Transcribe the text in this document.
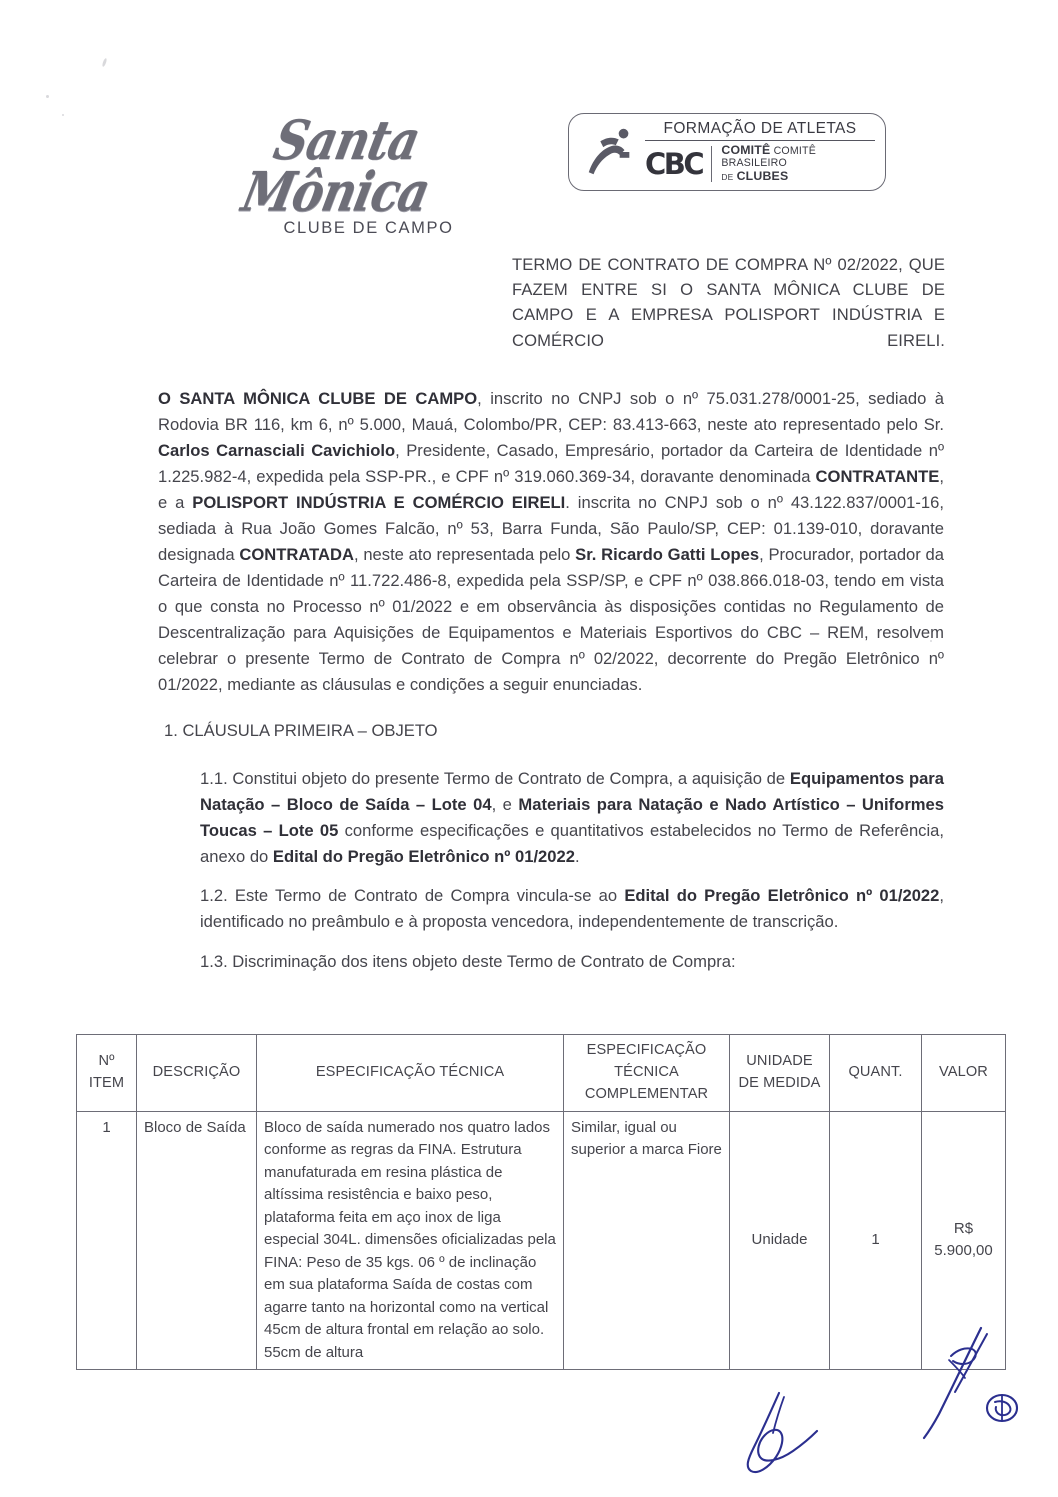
Santa Mônica
CLUBE DE CAMPO
FORMAÇÃO DE ATLETAS
CBC	COMITÊ COMITÊ BRASILEIRO
DE CLUBES
TERMO DE CONTRATO DE COMPRA Nº 02/2022, QUE FAZEM ENTRE SI O SANTA MÔNICA CLUBE DE CAMPO E A EMPRESA POLISPORT INDÚSTRIA E COMÉRCIO EIRELI.

O SANTA MÔNICA CLUBE DE CAMPO, inscrito no CNPJ sob o nº 75.031.278/0001-25, sediado à Rodovia BR 116, km 6, nº 5.000, Mauá, Colombo/PR, CEP: 83.413-663, neste ato representado pelo Sr. Carlos Carnasciali Cavichiolo, Presidente, Casado, Empresário, portador da Carteira de Identidade nº 1.225.982-4, expedida pela SSP-PR., e CPF nº 319.060.369-34, doravante denominada CONTRATANTE, e a POLISPORT INDÚSTRIA E COMÉRCIO EIRELI. inscrita no CNPJ sob o nº 43.122.837/0001-16, sediada à Rua João Gomes Falcão, nº 53, Barra Funda, São Paulo/SP, CEP: 01.139-010, doravante designada CONTRATADA, neste ato representada pelo Sr. Ricardo Gatti Lopes, Procurador, portador da Carteira de Identidade nº 11.722.486-8, expedida pela SSP/SP, e CPF nº 038.866.018-03, tendo em vista o que consta no Processo nº 01/2022 e em observância às disposições contidas no Regulamento de Descentralização para Aquisições de Equipamentos e Materiais Esportivos do CBC – REM, resolvem celebrar o presente Termo de Contrato de Compra nº 02/2022, decorrente do Pregão Eletrônico nº 01/2022, mediante as cláusulas e condições a seguir enunciadas.

1. CLÁUSULA PRIMEIRA – OBJETO

1.1. Constitui objeto do presente Termo de Contrato de Compra, a aquisição de Equipamentos para Natação – Bloco de Saída – Lote 04, e Materiais para Natação e Nado Artístico – Uniformes Toucas – Lote 05 conforme especificações e quantitativos estabelecidos no Termo de Referência, anexo do Edital do Pregão Eletrônico nº 01/2022.

1.2. Este Termo de Contrato de Compra vincula-se ao Edital do Pregão Eletrônico nº 01/2022, identificado no preâmbulo e à proposta vencedora, independentemente de transcrição.

1.3. Discriminação dos itens objeto deste Termo de Contrato de Compra:

Nº ITEM	DESCRIÇÃO	ESPECIFICAÇÃO TÉCNICA	ESPECIFICAÇÃO TÉCNICA COMPLEMENTAR	UNIDADE DE MEDIDA	QUANT.	VALOR
1	Bloco de Saída	Bloco de saída numerado nos quatro lados conforme as regras da FINA. Estrutura manufaturada em resina plástica de altíssima resistência e baixo peso, plataforma feita em aço inox de liga especial 304L. dimensões oficializadas pela FINA: Peso de 35 kgs. 06 º de inclinação em sua plataforma Saída de costas com agarre tanto na horizontal como na vertical 45cm de altura frontal em relação ao solo. 55cm de altura	Similar, igual ou superior a marca Fiore	Unidade	1	R$ 5.900,00
